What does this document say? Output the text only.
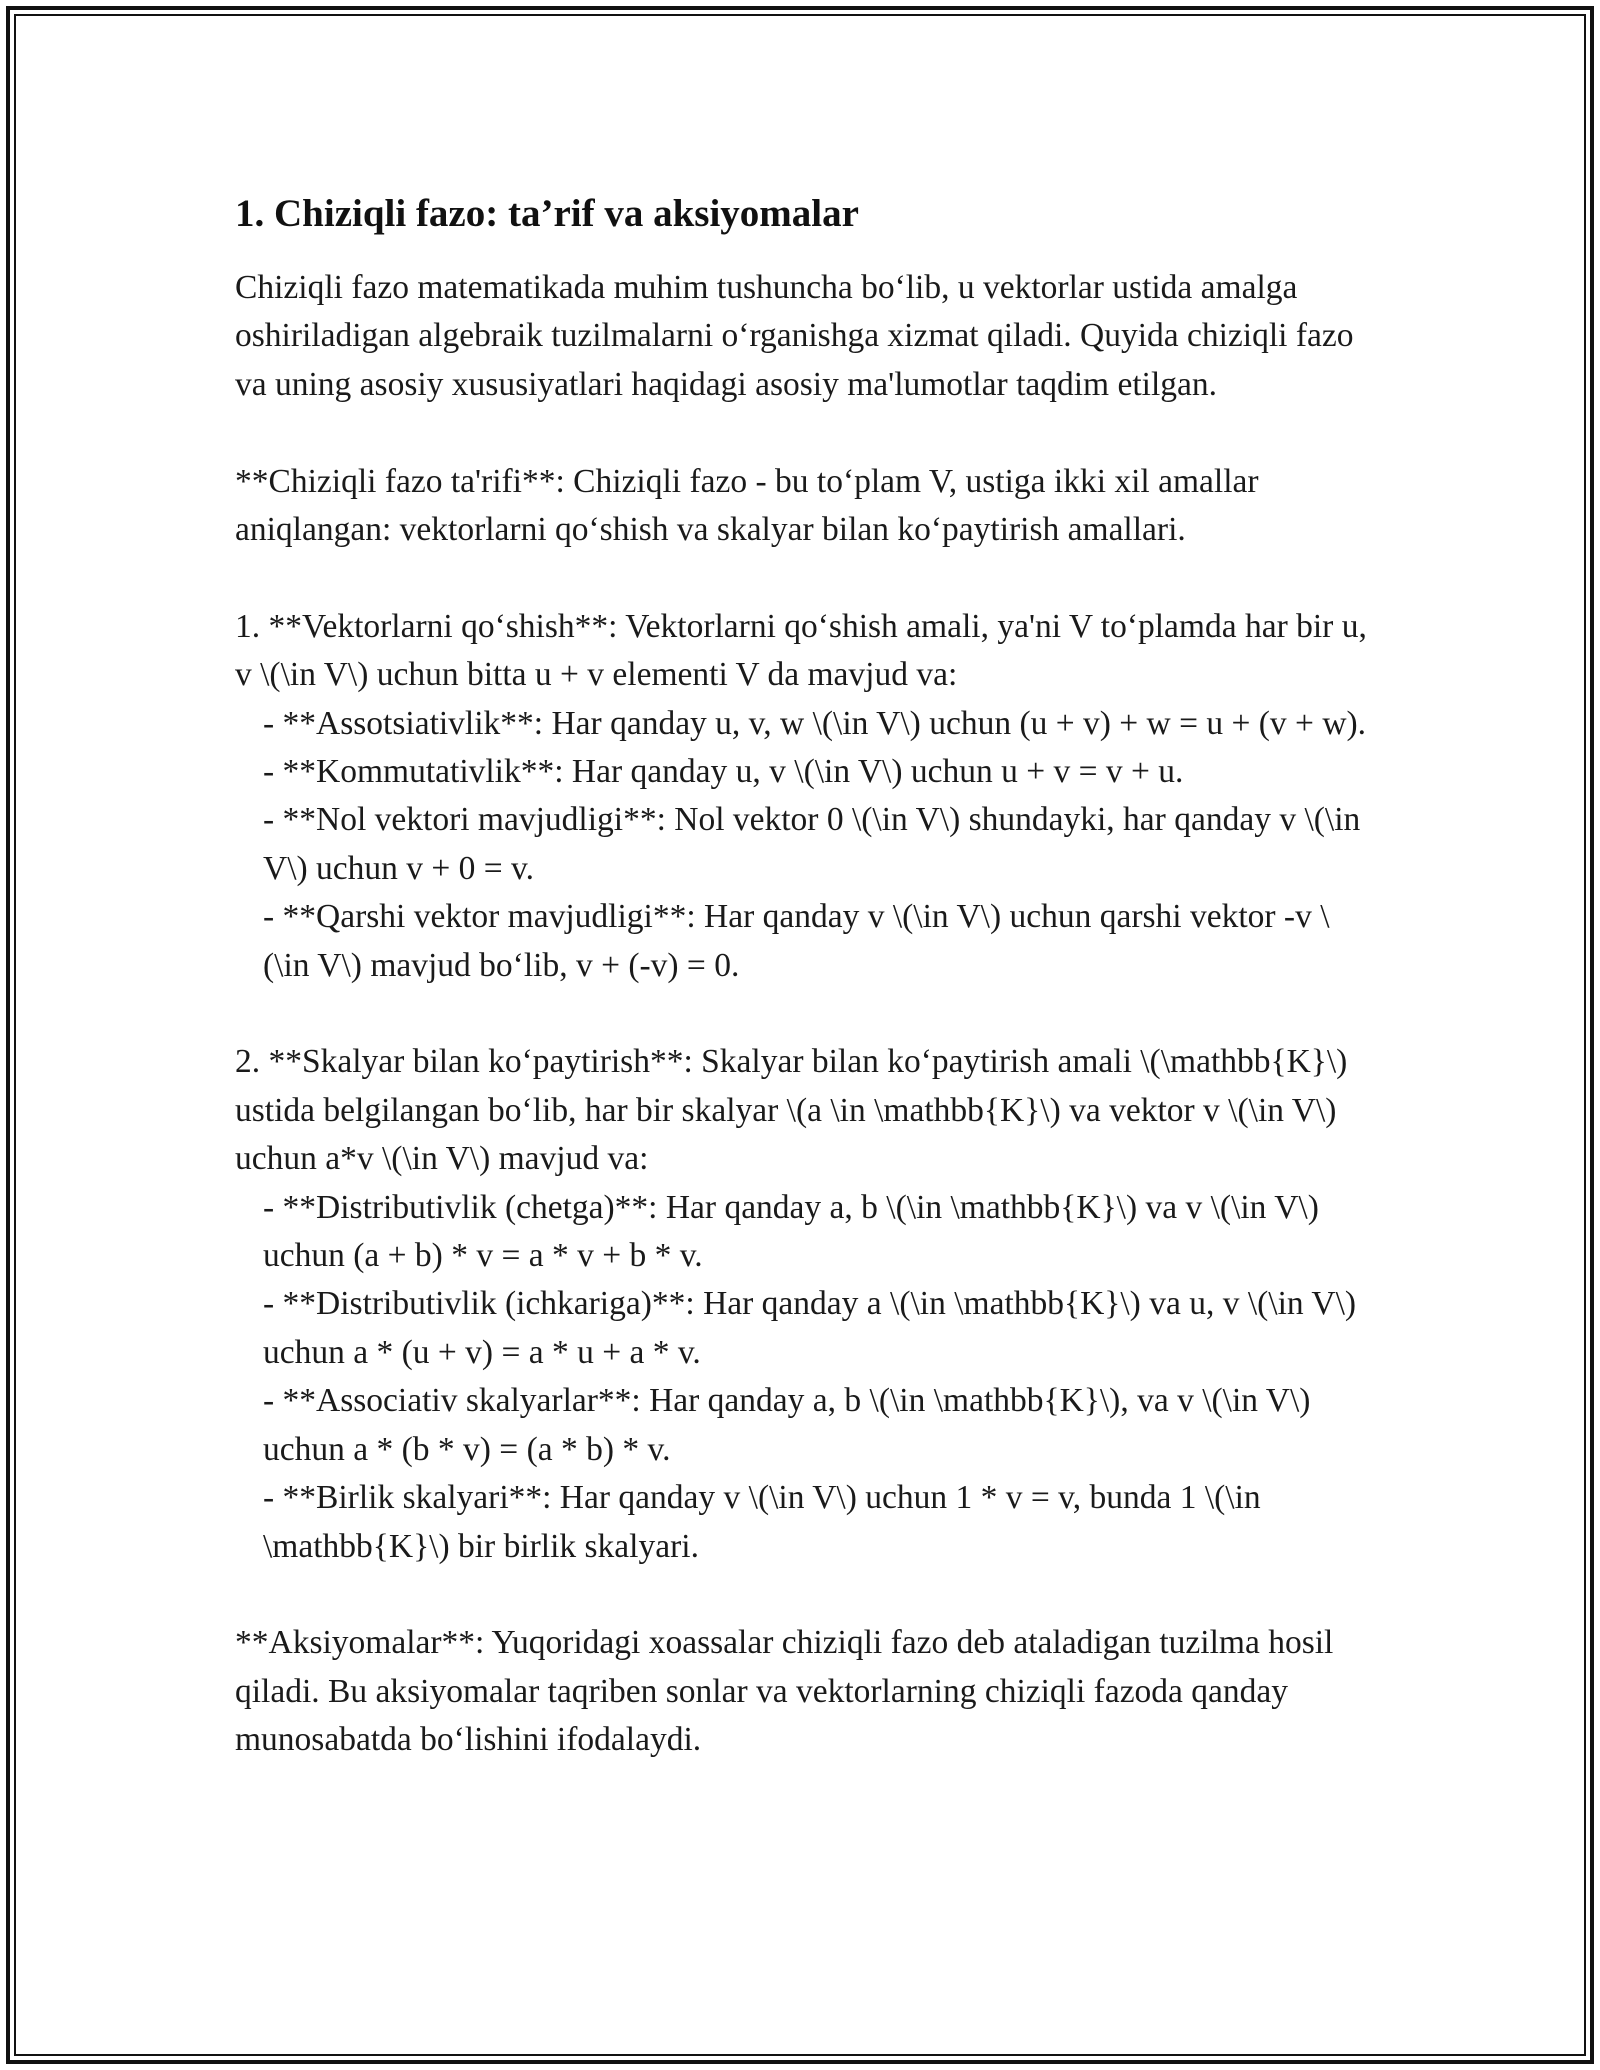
1. Chiziqli fazo: ta’rif va aksiyomalar

Chiziqli fazo matematikada muhim tushuncha bo‘lib, u vektorlar ustida amalga oshiriladigan algebraik tuzilmalarni o‘rganishga xizmat qiladi. Quyida chiziqli fazo va uning asosiy xususiyatlari haqidagi asosiy ma'lumotlar taqdim etilgan.

**Chiziqli fazo ta'rifi**: Chiziqli fazo - bu to‘plam V, ustiga ikki xil amallar aniqlangan: vektorlarni qo‘shish va skalyar bilan ko‘paytirish amallari.

1. **Vektorlarni qo‘shish**: Vektorlarni qo‘shish amali, ya'ni V to‘plamda har bir u, v \(\in V\) uchun bitta u + v elementi V da mavjud va:
- **Assotsiativlik**: Har qanday u, v, w \(\in V\) uchun (u + v) + w = u + (v + w).
- **Kommutativlik**: Har qanday u, v \(\in V\) uchun u + v = v + u.
- **Nol vektori mavjudligi**: Nol vektor 0 \(\in V\) shundayki, har qanday v \(\in V\) uchun v + 0 = v.
- **Qarshi vektor mavjudligi**: Har qanday v \(\in V\) uchun qarshi vektor -v \(\in V\) mavjud bo‘lib, v + (-v) = 0.

2. **Skalyar bilan ko‘paytirish**: Skalyar bilan ko‘paytirish amali \(\mathbb{K}\) ustida belgilangan bo‘lib, har bir skalyar \(a \in \mathbb{K}\) va vektor v \(\in V\) uchun a*v \(\in V\) mavjud va:
- **Distributivlik (chetga)**: Har qanday a, b \(\in \mathbb{K}\) va v \(\in V\) uchun (a + b) * v = a * v + b * v.
- **Distributivlik (ichkariga)**: Har qanday a \(\in \mathbb{K}\) va u, v \(\in V\) uchun a * (u + v) = a * u + a * v.
- **Associativ skalyarlar**: Har qanday a, b \(\in \mathbb{K}\), va v \(\in V\) uchun a * (b * v) = (a * b) * v.
- **Birlik skalyari**: Har qanday v \(\in V\) uchun 1 * v = v, bunda 1 \(\in \mathbb{K}\) bir birlik skalyari.

**Aksiyomalar**: Yuqoridagi xoassalar chiziqli fazo deb ataladigan tuzilma hosil qiladi. Bu aksiyomalar taqriben sonlar va vektorlarning chiziqli fazoda qanday munosabatda bo‘lishini ifodalaydi.
